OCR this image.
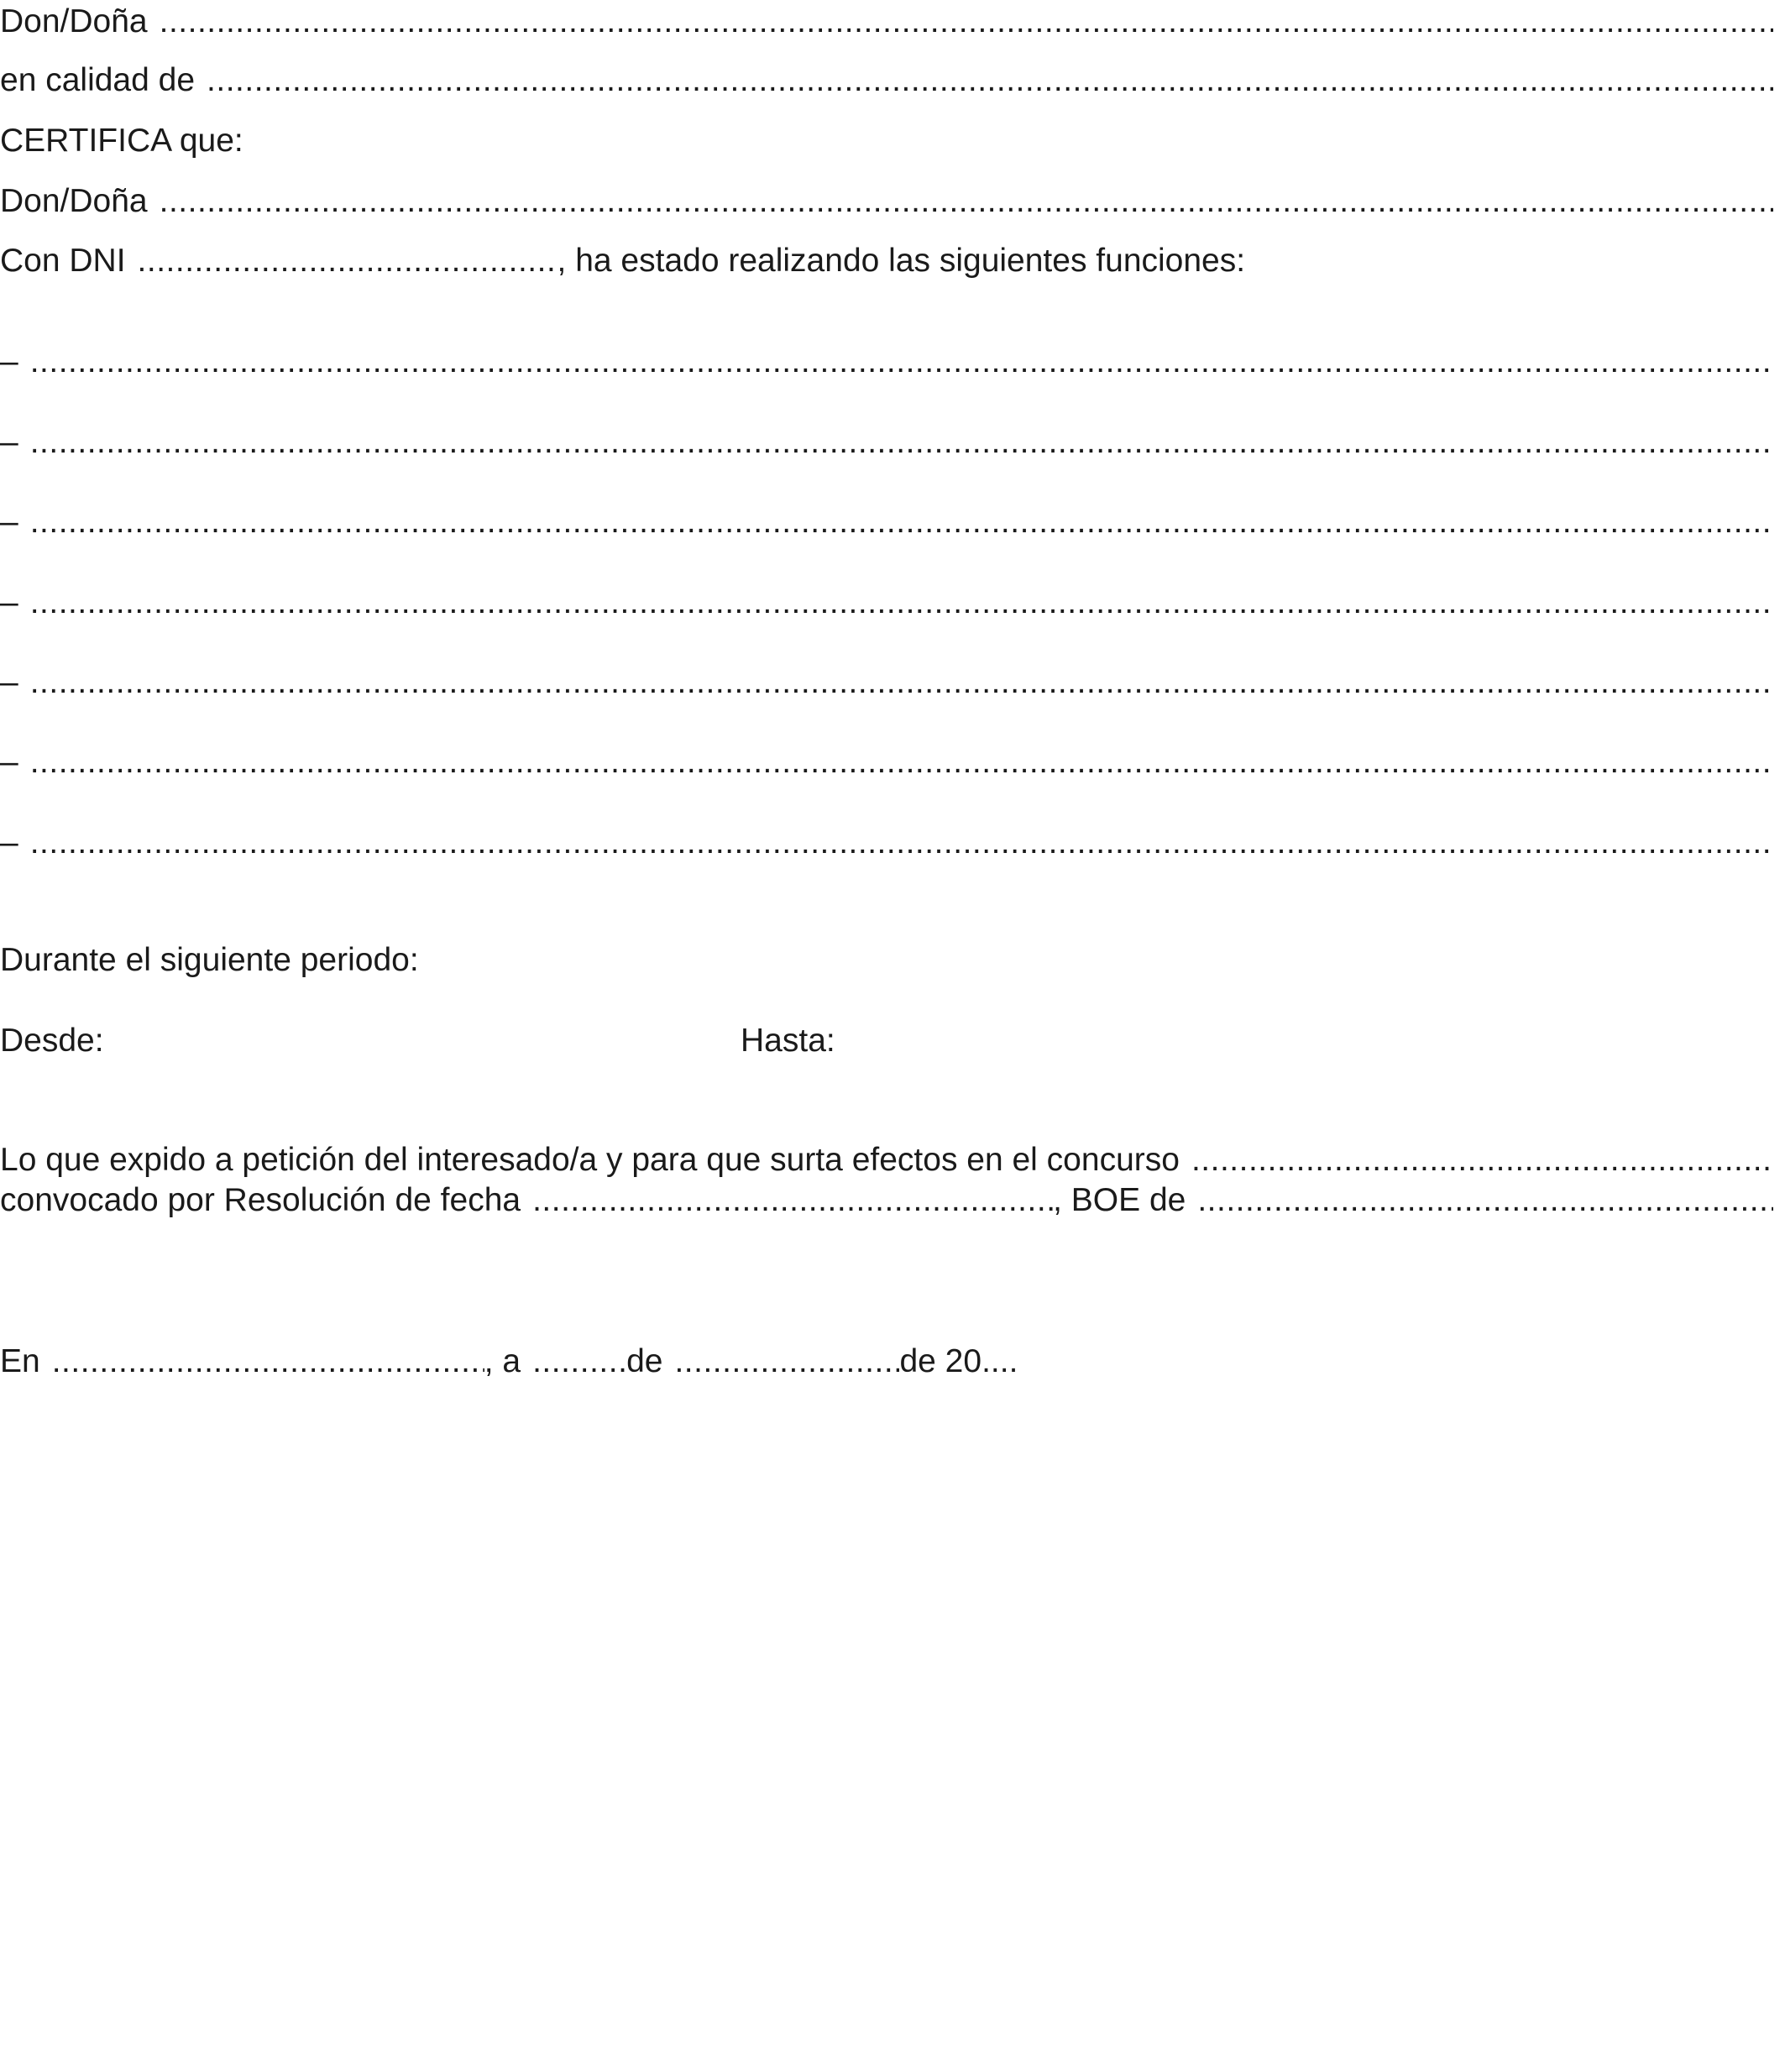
Don/Doña
.....
en calidad de
.....
CERTIFICA que:
Don/Doña
.....
Con DNI .....	, ha estado realizando las siguientes funciones:
–
.....
–
.....
–
.....
–
.....
–
.....
–
.....
–
.....
Durante el siguiente periodo:
Desde:	Hasta:
Lo que expido a petición del interesado/a y para que surta efectos en el concurso
.....
convocado por Resolución de fecha .....	, BOE de
.....
En .....	, a .....	de .....	de 20....
